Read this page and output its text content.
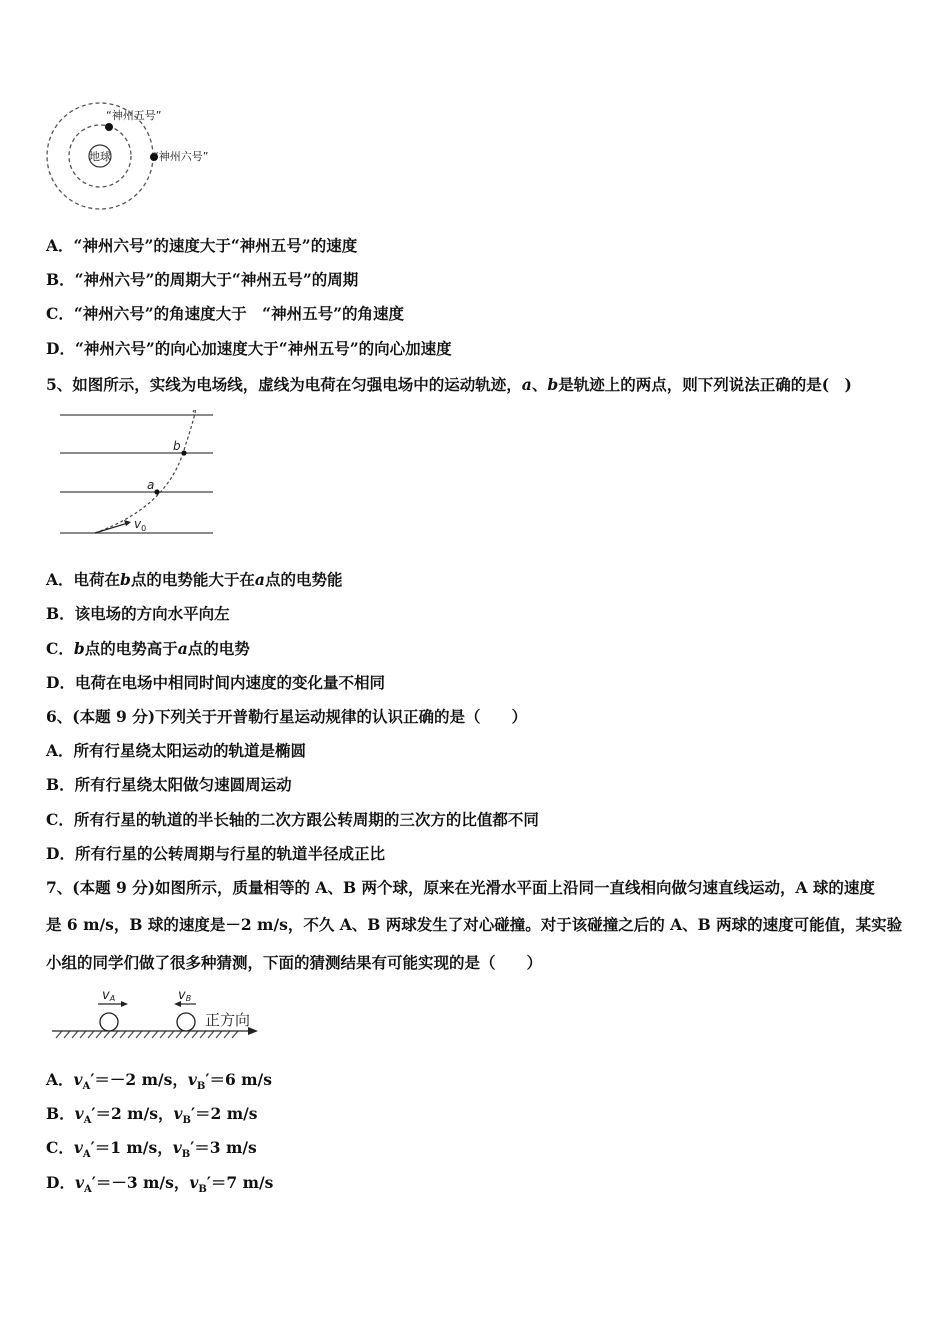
地球
“神州五号”
“神州六号”
A．“神州六号”的速度大于“神州五号”的速度
B．“神州六号”的周期大于“神州五号”的周期
C．“神州六号”的角速度大于　“神州五号”的角速度
D．“神州六号”的向心加速度大于“神州五号”的向心加速度
5、如图所示，实线为电场线，虚线为电荷在匀强电场中的运动轨迹，a、b是轨迹上的两点，则下列说法正确的是(　)
b
a
$v_0$
A．电荷在b点的电势能大于在a点的电势能
B．该电场的方向水平向左
C．b点的电势高于a点的电势
D．电荷在电场中相同时间内速度的变化量不相同
6、(本题 9 分)下列关于开普勒行星运动规律的认识正确的是（　　）
A．所有行星绕太阳运动的轨道是椭圆
B．所有行星绕太阳做匀速圆周运动
C．所有行星的轨道的半长轴的二次方跟公转周期的三次方的比值都不同
D．所有行星的公转周期与行星的轨道半径成正比
7、(本题 9 分)如图所示，质量相等的 A、B 两个球，原来在光滑水平面上沿同一直线相向做匀速直线运动，A 球的速度
是 6 m/s，B 球的速度是－2 m/s，不久 A、B 两球发生了对心碰撞。对于该碰撞之后的 A、B 两球的速度可能值，某实验
小组的同学们做了很多种猜测，下面的猜测结果有可能实现的是（　　）
vA	vB
正方向
A．$v_A'=-2$ m/s，$v_B'=6$ m/s
B．$v_A'=2$ m/s，$v_B'=2$ m/s
C．$v_A'=1$ m/s，$v_B'=3$ m/s
D．$v_A'=-3$ m/s，$v_B'=7$ m/s
